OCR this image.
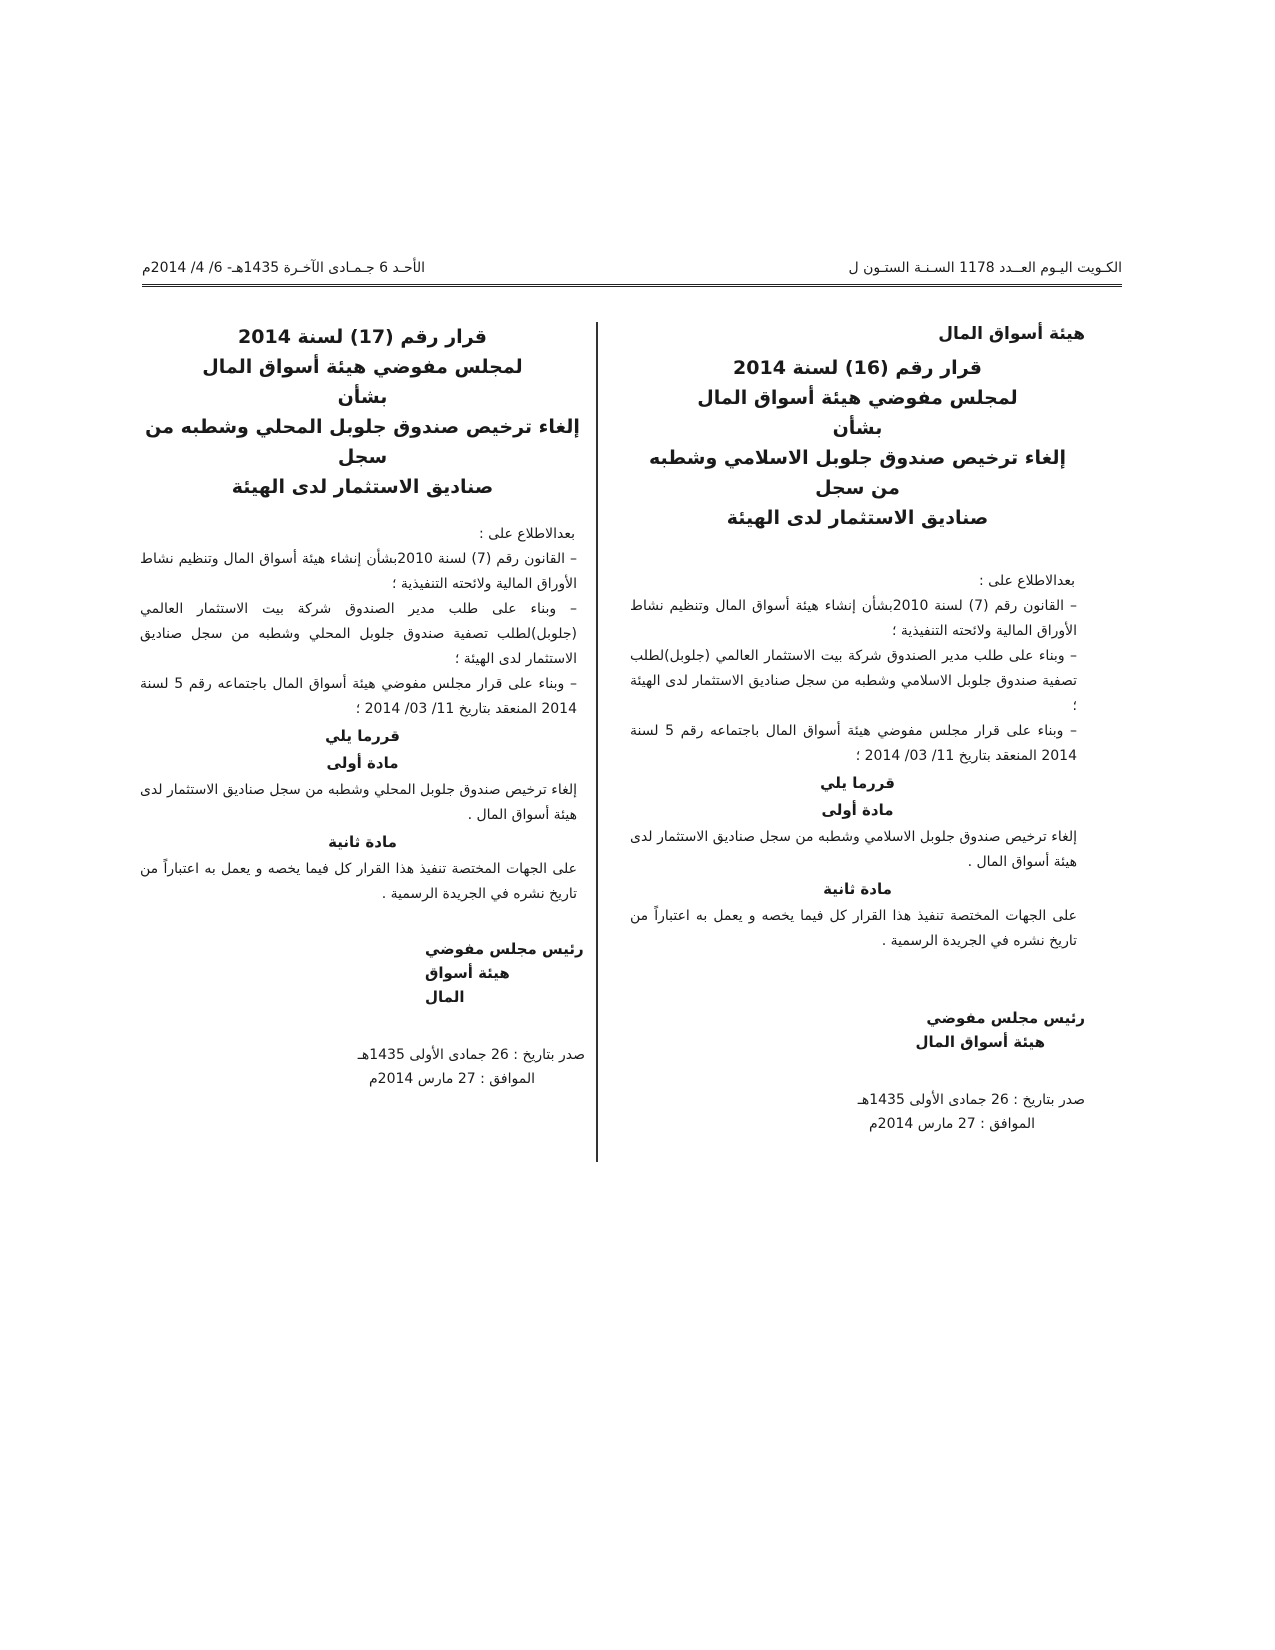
الكـويت اليـوم العــدد 1178 السـنـة الستـون ل
الأحـد 6 جـمـادى الآخـرة 1435هـ- 6/ 4/ 2014م
هيئة أسواق المال
قرار رقم (16) لسنة 2014
لمجلس مفوضي هيئة أسواق المال
بشأن
إلغاء ترخيص صندوق جلوبل الاسلامي وشطبه
من سجل
صناديق الاستثمار لدى الهيئة

بعدالاطلاع على :

– القانون رقم (7) لسنة 2010بشأن إنشاء هيئة أسواق المال وتنظيم نشاط الأوراق المالية ولائحته التنفيذية ؛

– وبناء على طلب مدير الصندوق شركة بيت الاستثمار العالمي (جلوبل)لطلب تصفية صندوق جلوبل الاسلامي وشطبه من سجل صناديق الاستثمار لدى الهيئة ؛

– وبناء على قرار مجلس مفوضي هيئة أسواق المال باجتماعه رقم 5 لسنة 2014 المنعقد بتاريخ 11/ 03/ 2014 ؛

قررما يلي
مادة أولى

إلغاء ترخيص صندوق جلوبل الاسلامي وشطبه من سجل صناديق الاستثمار لدى هيئة أسواق المال .

مادة ثانية

على الجهات المختصة تنفيذ هذا القرار كل فيما يخصه و يعمل به اعتباراً من تاريخ نشره في الجريدة الرسمية .

رئيس مجلس مفوضي
هيئة أسواق المال
صدر بتاريخ : 26 جمادى الأولى 1435هـ
الموافق : 27 مارس 2014م
قرار رقم (17) لسنة 2014
لمجلس مفوضي هيئة أسواق المال
بشأن
إلغاء ترخيص صندوق جلوبل المحلي وشطبه من
سجل
صناديق الاستثمار لدى الهيئة

بعدالاطلاع على :

– القانون رقم (7) لسنة 2010بشأن إنشاء هيئة أسواق المال وتنظيم نشاط الأوراق المالية ولائحته التنفيذية ؛

– وبناء على طلب مدير الصندوق شركة بيت الاستثمار العالمي (جلوبل)لطلب تصفية صندوق جلوبل المحلي وشطبه من سجل صناديق الاستثمار لدى الهيئة ؛

– وبناء على قرار مجلس مفوضي هيئة أسواق المال باجتماعه رقم 5 لسنة 2014 المنعقد بتاريخ 11/ 03/ 2014 ؛

قررما يلي
مادة أولى

إلغاء ترخيص صندوق جلوبل المحلي وشطبه من سجل صناديق الاستثمار لدى هيئة أسواق المال .

مادة ثانية

على الجهات المختصة تنفيذ هذا القرار كل فيما يخصه و يعمل به اعتباراً من تاريخ نشره في الجريدة الرسمية .

رئيس مجلس مفوضي
هيئة أسواق المال
صدر بتاريخ : 26 جمادى الأولى 1435هـ
الموافق : 27 مارس 2014م
